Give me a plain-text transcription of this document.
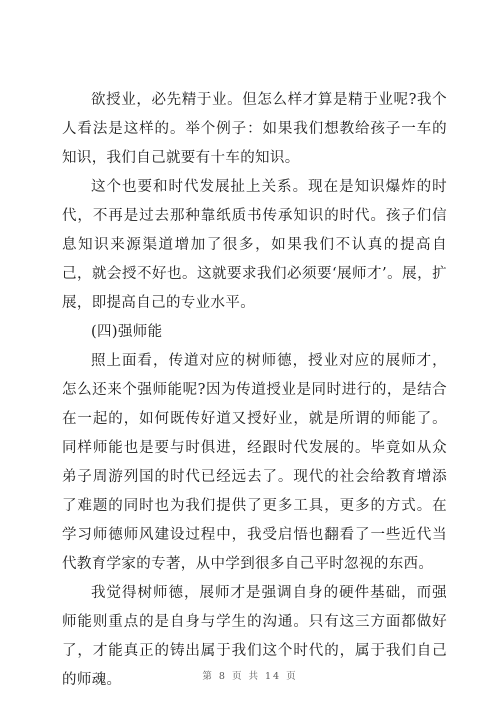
欲授业，必先精于业。但怎么样才算是精于业呢?我个人看法是这样的。举个例子：如果我们想教给孩子一车的知识，我们自己就要有十车的知识。

这个也要和时代发展扯上关系。现在是知识爆炸的时代，不再是过去那种靠纸质书传承知识的时代。孩子们信息知识来源渠道增加了很多，如果我们不认真的提高自己，就会授不好也。这就要求我们必须要‘展师才’。展，扩展，即提高自己的专业水平。

(四)强师能

照上面看，传道对应的树师德，授业对应的展师才，怎么还来个强师能呢?因为传道授业是同时进行的，是结合在一起的，如何既传好道又授好业，就是所谓的师能了。同样师能也是要与时俱进，经跟时代发展的。毕竟如从众弟子周游列国的时代已经远去了。现代的社会给教育增添了难题的同时也为我们提供了更多工具，更多的方式。在学习师德师风建设过程中，我受启悟也翻看了一些近代当代教育学家的专著，从中学到很多自己平时忽视的东西。

我觉得树师德，展师才是强调自身的硬件基础，而强师能则重点的是自身与学生的沟通。只有这三方面都做好了，才能真正的铸出属于我们这个时代的，属于我们自己的师魂。	第 8 页 共 14 页
